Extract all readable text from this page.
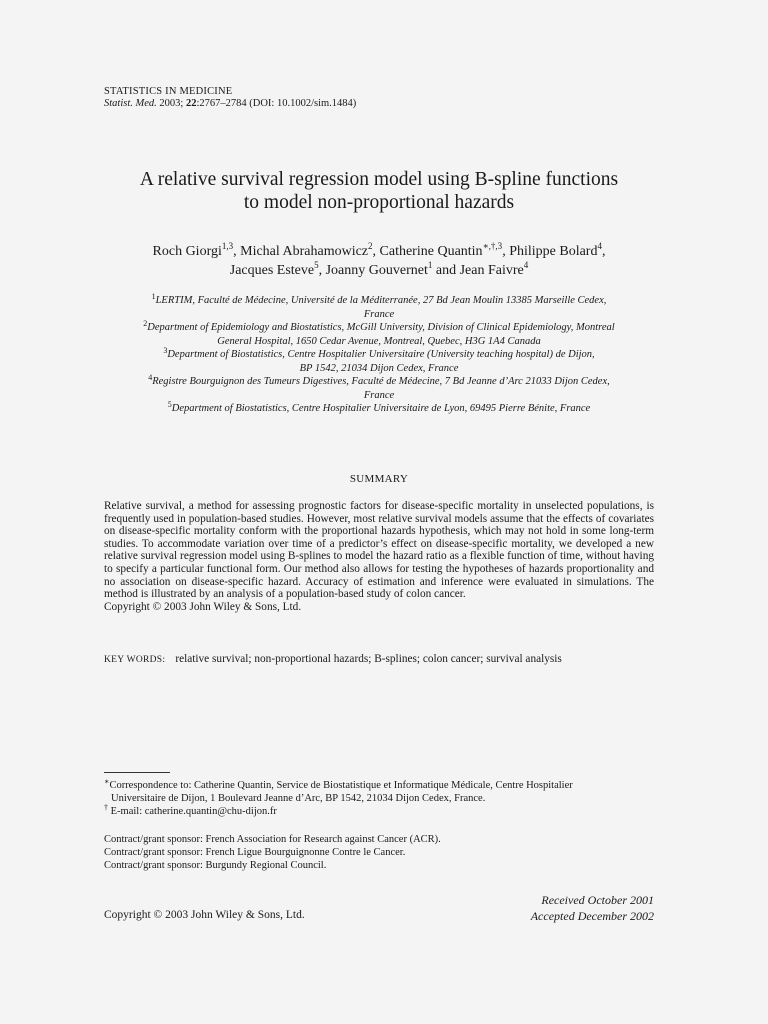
STATISTICS IN MEDICINE
Statist. Med. 2003; 22:2767–2784 (DOI: 10.1002/sim.1484)
A relative survival regression model using B-spline functions
to model non-proportional hazards
Roch Giorgi$^{1,3}$, Michal Abrahamowicz$^2$, Catherine Quantin$^{∗,\dagger,3}$, Philippe Bolard$^4$,
Jacques Esteve$^5$, Joanny Gouvernet$^1$ and Jean Faivre$^4$
$^1$LERTIM, Faculté de Médecine, Université de la Méditerranée, 27 Bd Jean Moulin 13385 Marseille Cedex,
France
$^2$Department of Epidemiology and Biostatistics, McGill University, Division of Clinical Epidemiology, Montreal
General Hospital, 1650 Cedar Avenue, Montreal, Quebec, H3G 1A4 Canada
$^3$Department of Biostatistics, Centre Hospitalier Universitaire (University teaching hospital) de Dijon,
BP 1542, 21034 Dijon Cedex, France
$^4$Registre Bourguignon des Tumeurs Digestives, Faculté de Médecine, 7 Bd Jeanne d’Arc 21033 Dijon Cedex,
France
$^5$Department of Biostatistics, Centre Hospitalier Universitaire de Lyon, 69495 Pierre Bénite, France
SUMMARY
Relative survival, a method for assessing prognostic factors for disease-specific mortality in unselected populations, is frequently used in population-based studies. However, most relative survival models assume that the effects of covariates on disease-specific mortality conform with the proportional hazards hypothesis, which may not hold in some long-term studies. To accommodate variation over time of a predictor’s effect on disease-specific mortality, we developed a new relative survival regression model using B-splines to model the hazard ratio as a flexible function of time, without having to specify a particular functional form. Our method also allows for testing the hypotheses of hazards proportionality and no association on disease-specific hazard. Accuracy of estimation and inference were evaluated in simulations. The method is illustrated by an analysis of a population-based study of colon cancer.
Copyright © 2003 John Wiley & Sons, Ltd.
KEY WORDS: relative survival; non-proportional hazards; B-splines; colon cancer; survival analysis
∗Correspondence to: Catherine Quantin, Service de Biostatistique et Informatique Médicale, Centre Hospitalier
Universitaire de Dijon, 1 Boulevard Jeanne d’Arc, BP 1542, 21034 Dijon Cedex, France.
† E-mail: catherine.quantin@chu-dijon.fr
Contract/grant sponsor: French Association for Research against Cancer (ACR).
Contract/grant sponsor: French Ligue Bourguignonne Contre le Cancer.
Contract/grant sponsor: Burgundy Regional Council.
Received October 2001
Accepted December 2002
Copyright © 2003 John Wiley & Sons, Ltd.
